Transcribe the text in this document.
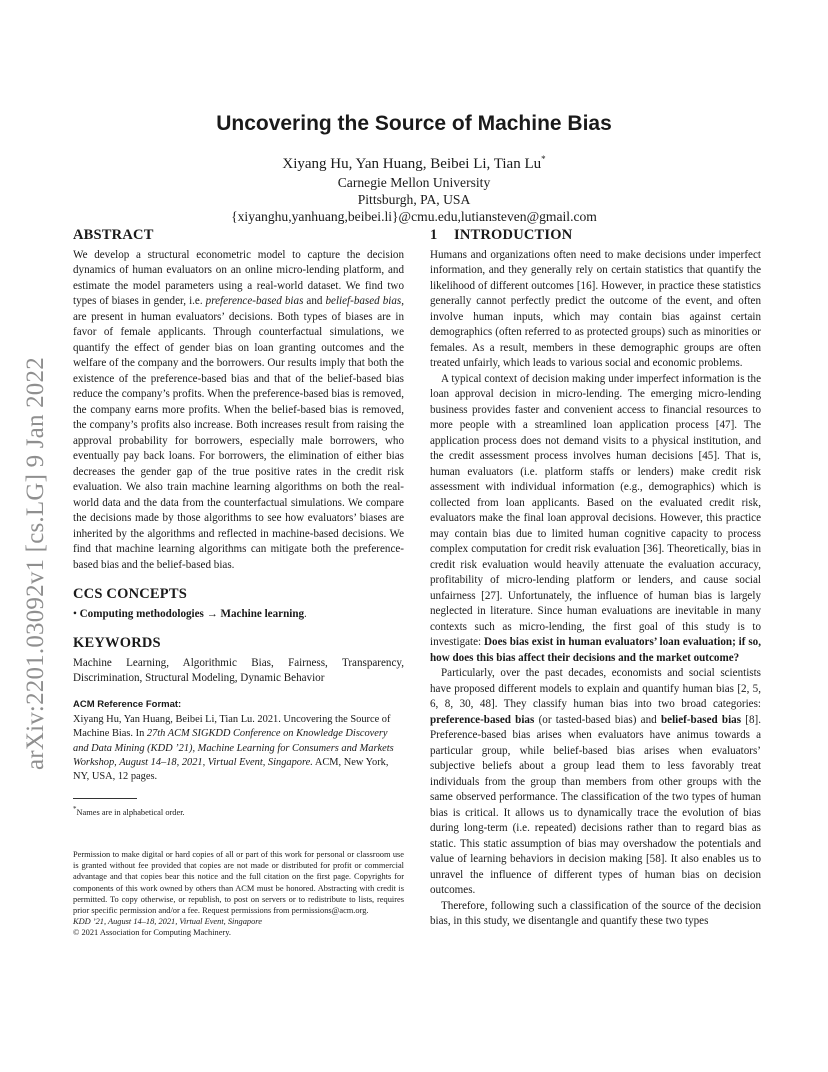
arXiv:2201.03092v1 [cs.LG] 9 Jan 2022
Uncovering the Source of Machine Bias
Xiyang Hu, Yan Huang, Beibei Li, Tian Lu*
Carnegie Mellon University
Pittsburgh, PA, USA
{xiyanghu,yanhuang,beibei.li}@cmu.edu,lutiansteven@gmail.com
ABSTRACT

We develop a structural econometric model to capture the decision dynamics of human evaluators on an online micro-lending platform, and estimate the model parameters using a real-world dataset. We find two types of biases in gender, i.e. preference-based bias and belief-based bias, are present in human evaluators’ decisions. Both types of biases are in favor of female applicants. Through counterfactual simulations, we quantify the effect of gender bias on loan granting outcomes and the welfare of the company and the borrowers. Our results imply that both the existence of the preference-based bias and that of the belief-based bias reduce the company’s profits. When the preference-based bias is removed, the company earns more profits. When the belief-based bias is removed, the company’s profits also increase. Both increases result from raising the approval probability for borrowers, especially male borrowers, who eventually pay back loans. For borrowers, the elimination of either bias decreases the gender gap of the true positive rates in the credit risk evaluation. We also train machine learning algorithms on both the real-world data and the data from the counterfactual simulations. We compare the decisions made by those algorithms to see how evaluators’ biases are inherited by the algorithms and reflected in machine-based decisions. We find that machine learning algorithms can mitigate both the preference-based bias and the belief-based bias.

CCS CONCEPTS

• Computing methodologies → Machine learning.

KEYWORDS

Machine Learning, Algorithmic Bias, Fairness, Transparency, Discrimination, Structural Modeling, Dynamic Behavior

ACM Reference Format:

Xiyang Hu, Yan Huang, Beibei Li, Tian Lu. 2021. Uncovering the Source of Machine Bias. In 27th ACM SIGKDD Conference on Knowledge Discovery and Data Mining (KDD ’21), Machine Learning for Consumers and Markets Workshop, August 14–18, 2021, Virtual Event, Singapore. ACM, New York, NY, USA, 12 pages.

*Names are in alphabetical order.
Permission to make digital or hard copies of all or part of this work for personal or classroom use is granted without fee provided that copies are not made or distributed for profit or commercial advantage and that copies bear this notice and the full citation on the first page. Copyrights for components of this work owned by others than ACM must be honored. Abstracting with credit is permitted. To copy otherwise, or republish, to post on servers or to redistribute to lists, requires prior specific permission and/or a fee. Request permissions from permissions@acm.org.
KDD ’21, August 14–18, 2021, Virtual Event, Singapore
© 2021 Association for Computing Machinery.
1 INTRODUCTION

Humans and organizations often need to make decisions under imperfect information, and they generally rely on certain statistics that quantify the likelihood of different outcomes [16]. However, in practice these statistics generally cannot perfectly predict the outcome of the event, and often involve human inputs, which may contain bias against certain demographics (often referred to as protected groups) such as minorities or females. As a result, members in these demographic groups are often treated unfairly, which leads to various social and economic problems.

A typical context of decision making under imperfect information is the loan approval decision in micro-lending. The emerging micro-lending business provides faster and convenient access to financial resources to more people with a streamlined loan application process [47]. The application process does not demand visits to a physical institution, and the credit assessment process involves human decisions [45]. That is, human evaluators (i.e. platform staffs or lenders) make credit risk assessment with individual information (e.g., demographics) which is collected from loan applicants. Based on the evaluated credit risk, evaluators make the final loan approval decisions. However, this practice may contain bias due to limited human cognitive capacity to process complex computation for credit risk evaluation [36]. Theoretically, bias in credit risk evaluation would heavily attenuate the evaluation accuracy, profitability of micro-lending platform or lenders, and cause social unfairness [27]. Unfortunately, the influence of human bias is largely neglected in literature. Since human evaluations are inevitable in many contexts such as micro-lending, the first goal of this study is to investigate: Does bias exist in human evaluators’ loan evaluation; if so, how does this bias affect their decisions and the market outcome?

Particularly, over the past decades, economists and social scientists have proposed different models to explain and quantify human bias [2, 5, 6, 8, 30, 48]. They classify human bias into two broad categories: preference-based bias (or tasted-based bias) and belief-based bias [8]. Preference-based bias arises when evaluators have animus towards a particular group, while belief-based bias arises when evaluators’ subjective beliefs about a group lead them to less favorably treat individuals from the group than members from other groups with the same observed performance. The classification of the two types of human bias is critical. It allows us to dynamically trace the evolution of bias during long-term (i.e. repeated) decisions rather than to regard bias as static. This static assumption of bias may overshadow the potentials and value of learning behaviors in decision making [58]. It also enables us to unravel the influence of different types of human bias on decision outcomes.

Therefore, following such a classification of the source of the decision bias, in this study, we disentangle and quantify these two types
